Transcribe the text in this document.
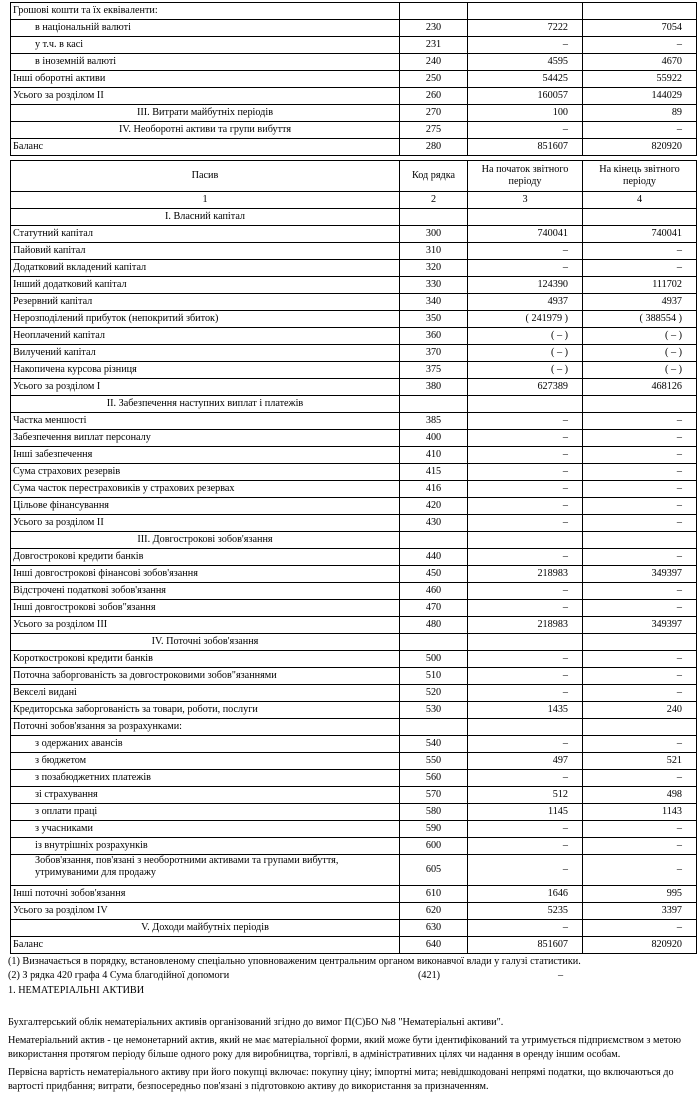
Грошові кошти та їх еквіваленти:			
в національній валюті	230	7222	7054
у т.ч. в касі	231	–	–
в іноземній валюті	240	4595	4670
Інші оборотні активи	250	54425	55922
Усього за розділом II	260	160057	144029
III. Витрати майбутніх періодів	270	100	89
IV. Необоротні активи та групи вибуття	275	–	–
Баланс	280	851607	820920
Пасив	Код рядка	На початок звітного періоду	На кінець звітного періоду
1	2	3	4
I. Власний капітал			
Статутний капітал	300	740041	740041
Пайовий капітал	310	–	–
Додатковий вкладений капітал	320	–	–
Інший додатковий капітал	330	124390	111702
Резервний капітал	340	4937	4937
Нерозподілений прибуток (непокритий збиток)	350	( 241979 )	( 388554 )
Неоплачений капітал	360	( – )	( – )
Вилучений капітал	370	( – )	( – )
Накопичена курсова різниця	375	( – )	( – )
Усього за розділом I	380	627389	468126
II. Забезпечення наступних виплат і платежів			
Частка меншості	385	–	–
Забезпечення виплат персоналу	400	–	–
Інші забезпечення	410	–	–
Сума страхових резервів	415	–	–
Сума часток перестраховиків у страхових резервах	416	–	–
Цільове фінансування	420	–	–
Усього за розділом II	430	–	–
III. Довгострокові зобов'язання			
Довгострокові кредити банків	440	–	–
Інші довгострокові фінансові зобов'язання	450	218983	349397
Відстрочені податкові зобов'язання	460	–	–
Інші довгострокові зобов"язання	470	–	–
Усього за розділом III	480	218983	349397
IV. Поточні зобов'язання			
Короткострокові кредити банків	500	–	–
Поточна заборгованість за довгостроковими зобов"язаннями	510	–	–
Векселі видані	520	–	–
Кредиторська заборгованість за товари, роботи, послуги	530	1435	240
Поточні зобов'язання за розрахунками:			
з одержаних авансів	540	–	–
з бюджетом	550	497	521
з позабюджетних платежів	560	–	–
зі страхування	570	512	498
з оплати праці	580	1145	1143
з учасниками	590	–	–
із внутрішніх розрахунків	600	–	–
Зобов'язання, пов'язані з необоротними активами та групами вибуття, утримуваними для продажу	605	–	–
Інші поточні зобов'язання	610	1646	995
Усього за розділом IV	620	5235	3397
V. Доходи майбутніх періодів	630	–	–
Баланс	640	851607	820920

(1) Визначається в порядку, встановленому спеціально уповноваженим центральним органом виконавчої влади у галузі статистики.

(2) З рядка 420 графа 4 Сума благодійної допомоги	(421)	–

1. НЕМАТЕРІАЛЬНІ АКТИВИ

Бухгалтерський облік нематеріальних активів організований згідно до вимог П(С)БО №8 "Нематеріальні активи".

Нематеріальний актив - це немонетарний актив, який не має матеріальної форми, який може бути ідентифікований та утримується підприємством з метою використання протягом періоду більше одного року для виробництва, торгівлі, в адміністративних цілях чи надання в оренду іншим особам.

Первісна вартість нематеріального активу при його покупці включає: покупну ціну; імпортні мита; невідшкодовані непрямі податки, що включаються до вартості придбання; витрати, безпосередньо пов'язані з підготовкою активу до використання за призначенням.
